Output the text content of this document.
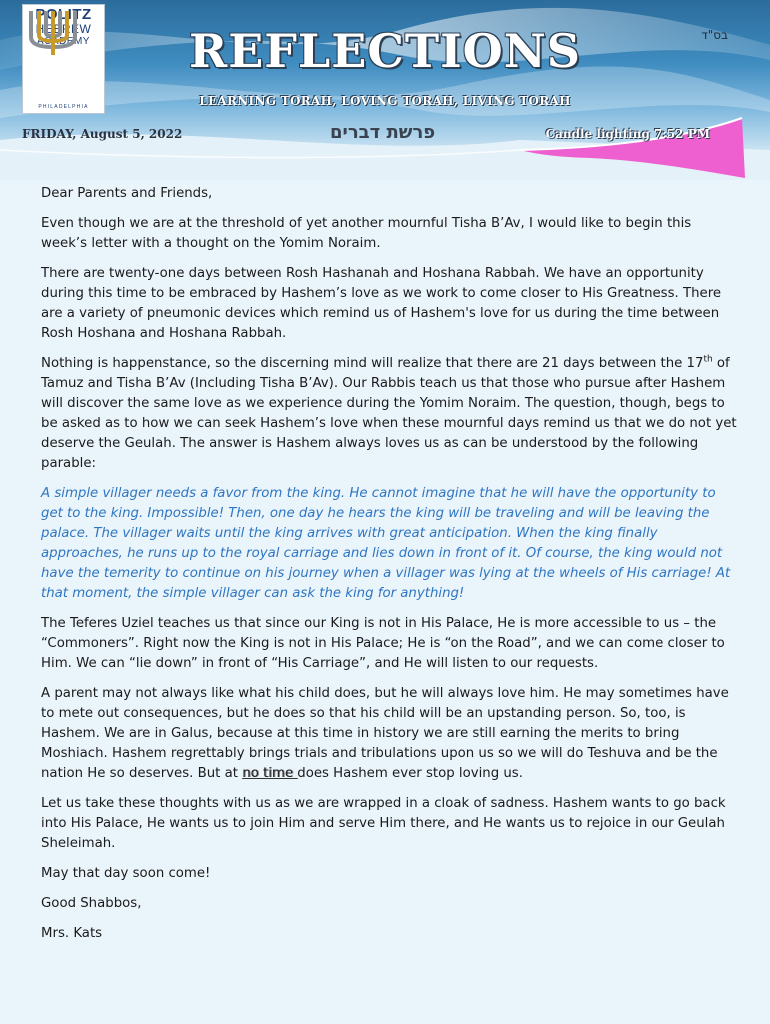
POLITZ
HEBREW
ACADEMY
PHILADELPHIA
REFLECTIONS	בס"ד
LEARNING TORAH, LOVING TORAH, LIVING TORAH
FRIDAY, August 5, 2022	פרשת דברים	Candle lighting 7:52 PM

Dear Parents and Friends,

Even though we are at the threshold of yet another mournful Tisha B’Av, I would like to begin this week’s letter with a thought on the Yomim Noraim.

There are twenty-one days between Rosh Hashanah and Hoshana Rabbah. We have an opportunity during this time to be embraced by Hashem’s love as we work to come closer to His Greatness. There are a variety of pneumonic devices which remind us of Hashem's love for us during the time between Rosh Hoshana and Hoshana Rabbah.

Nothing is happenstance, so the discerning mind will realize that there are 21 days between the 17th of Tamuz and Tisha B’Av (Including Tisha B’Av). Our Rabbis teach us that those who pursue after Hashem will discover the same love as we experience during the Yomim Noraim. The question, though, begs to be asked as to how we can seek Hashem’s love when these mournful days remind us that we do not yet deserve the Geulah. The answer is Hashem always loves us as can be understood by the following parable:

A simple villager needs a favor from the king. He cannot imagine that he will have the opportunity to get to the king. Impossible! Then, one day he hears the king will be traveling and will be leaving the palace. The villager waits until the king arrives with great anticipation. When the king finally approaches, he runs up to the royal carriage and lies down in front of it. Of course, the king would not have the temerity to continue on his journey when a villager was lying at the wheels of His carriage! At that moment, the simple villager can ask the king for anything!

The Teferes Uziel teaches us that since our King is not in His Palace, He is more accessible to us – the “Commoners”. Right now the King is not in His Palace; He is “on the Road”, and we can come closer to Him. We can “lie down” in front of “His Carriage”, and He will listen to our requests.

A parent may not always like what his child does, but he will always love him. He may sometimes have to mete out consequences, but he does so that his child will be an upstanding person. So, too, is Hashem. We are in Galus, because at this time in history we are still earning the merits to bring Moshiach. Hashem regrettably brings trials and tribulations upon us so we will do Teshuva and be the nation He so deserves. But at no time does Hashem ever stop loving us.

Let us take these thoughts with us as we are wrapped in a cloak of sadness. Hashem wants to go back into His Palace, He wants us to join Him and serve Him there, and He wants us to rejoice in our Geulah Sheleimah.

May that day soon come!

Good Shabbos,

Mrs. Kats
